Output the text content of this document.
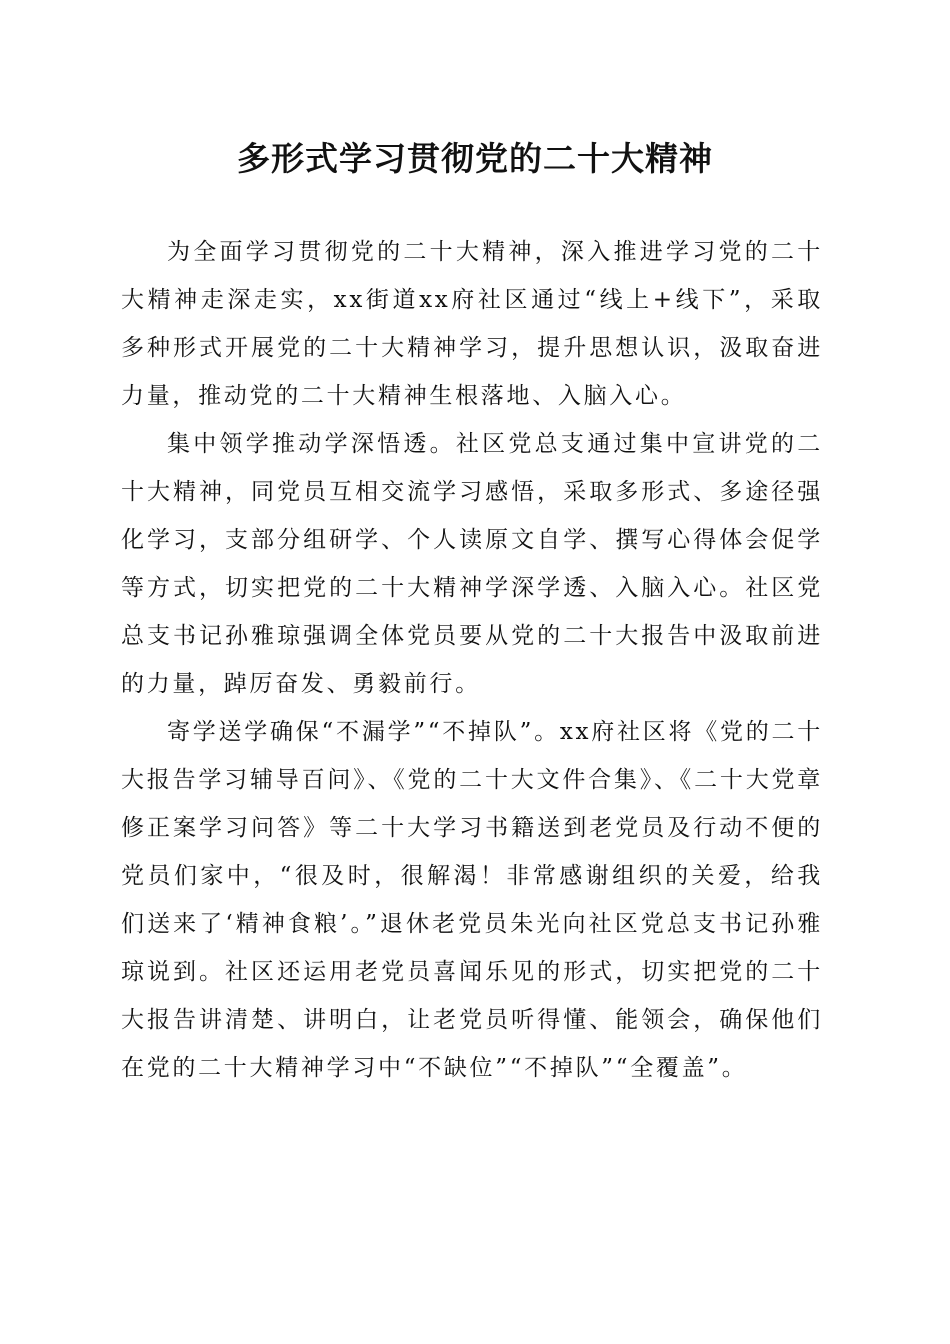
多形式学习贯彻党的二十大精神

为全面学习贯彻党的二十大精神，深入推进学习党的二十大精神走深走实，xx街道xx府社区通过“线上+线下”，采取多种形式开展党的二十大精神学习，提升思想认识，汲取奋进力量，推动党的二十大精神生根落地、入脑入心。

集中领学推动学深悟透。社区党总支通过集中宣讲党的二十大精神，同党员互相交流学习感悟，采取多形式、多途径强化学习，支部分组研学、个人读原文自学、撰写心得体会促学等方式，切实把党的二十大精神学深学透、入脑入心。社区党总支书记孙雅琼强调全体党员要从党的二十大报告中汲取前进的力量，踔厉奋发、勇毅前行。

寄学送学确保“不漏学”“不掉队”。xx府社区将《党的二十大报告学习辅导百问》、《党的二十大文件合集》、《二十大党章修正案学习问答》等二十大学习书籍送到老党员及行动不便的党员们家中，“很及时，很解渴！非常感谢组织的关爱，给我们送来了‘精神食粮’。”退休老党员朱光向社区党总支书记孙雅琼说到。社区还运用老党员喜闻乐见的形式，切实把党的二十大报告讲清楚、讲明白，让老党员听得懂、能领会，确保他们在党的二十大精神学习中“不缺位”“不掉队”“全覆盖”。
